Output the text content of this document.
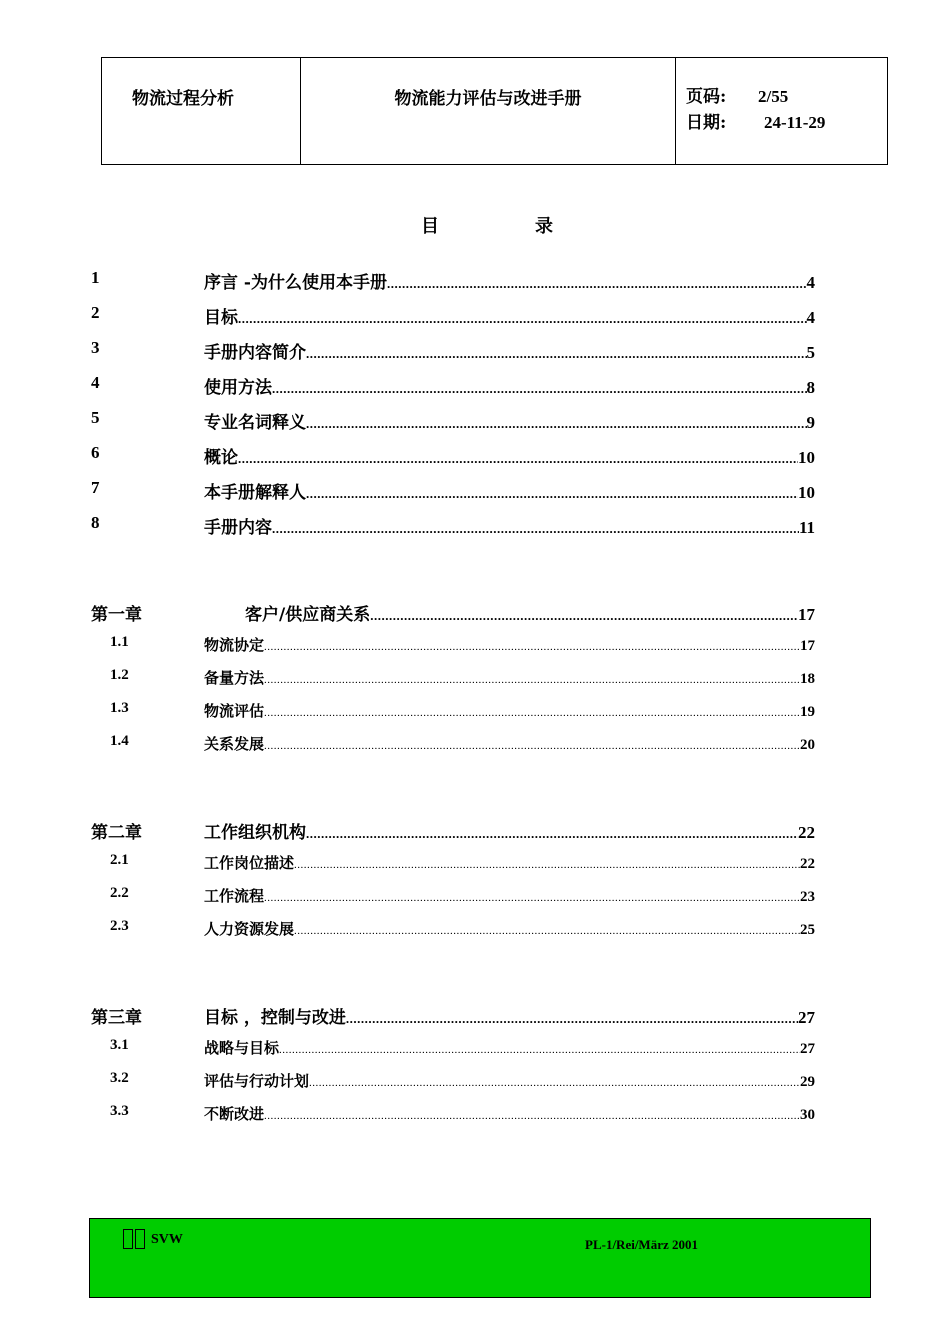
物流过程分析	物流能力评估与改进手册	页码:	2/55
日期:	24-11-29
目	录
1	序言 -为什么使用本手册 .....	4
2	目标 .....	4
3	手册内容简介 .....	5
4	使用方法 .....	8
5	专业名词释义 .....	9
6	概论 .....	10
7	本手册解释人 .....	10
8	手册内容 .....	11
第一章	客户/供应商关系 .....	17
1.1	物流协定 .....	17
1.2	备量方法 .....	18
1.3	物流评估 .....	19
1.4	关系发展 .....	20
第二章	工作组织机构 .....	22
2.1	工作岗位描述 .....	22
2.2	工作流程 .....	23
2.3	人力资源发展 .....	25
第三章	目标 ，控制与改进 .....	27
3.1	战略与目标 .....	27
3.2	评估与行动计划 .....	29
3.3	不断改进 .....	30
SVW	PL-1/Rei/März 2001
